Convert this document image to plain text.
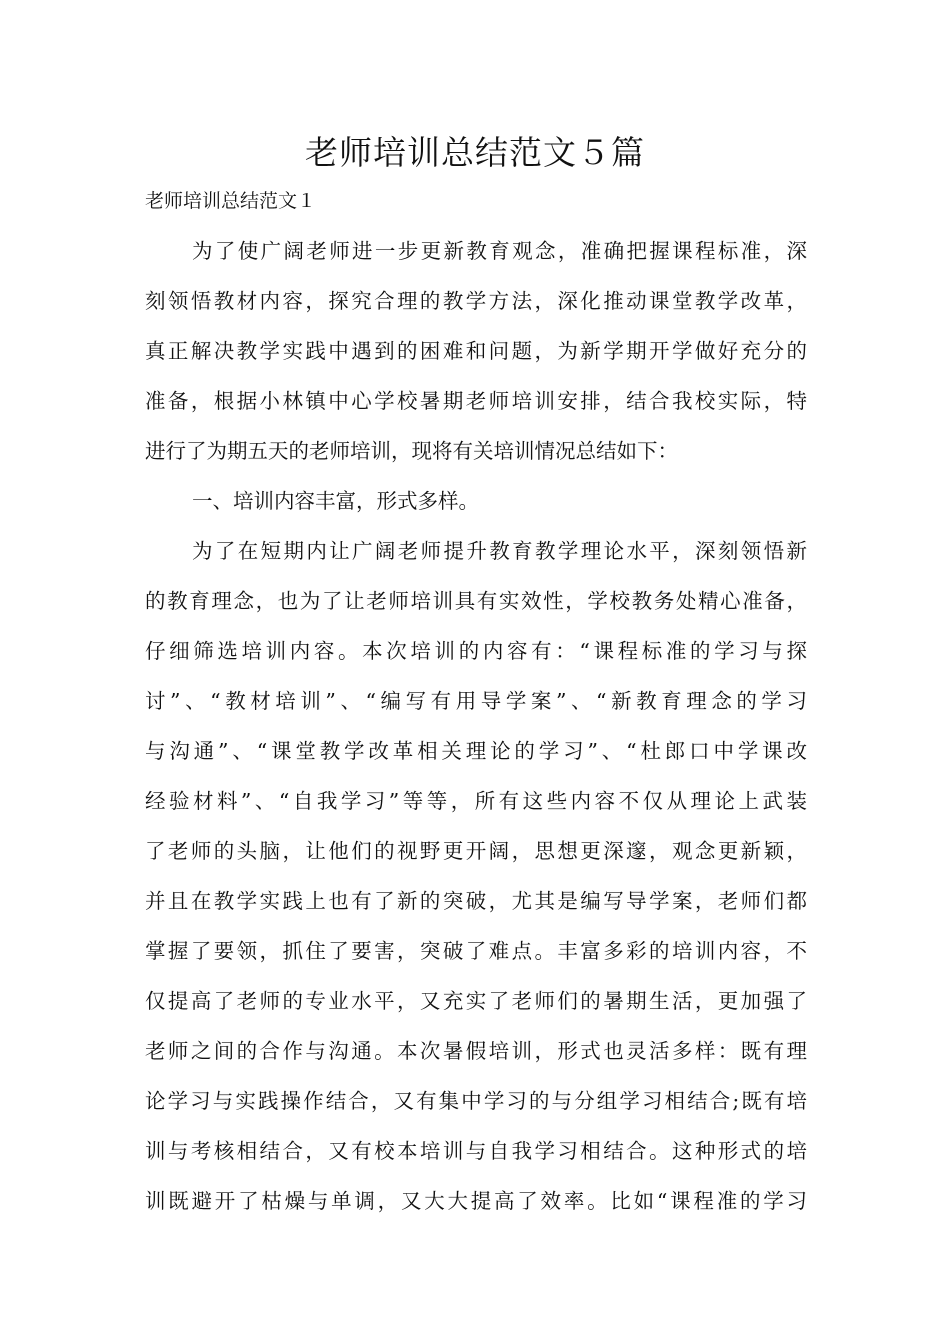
老师培训总结范文５篇

老师培训总结范文１

为了使广阔老师进一步更新教育观念，准确把握课程标准，深

刻领悟教材内容，探究合理的教学方法，深化推动课堂教学改革，

真正解决教学实践中遇到的困难和问题，为新学期开学做好充分的

准备，根据小林镇中心学校暑期老师培训安排，结合我校实际，特

进行了为期五天的老师培训，现将有关培训情况总结如下：

一、培训内容丰富，形式多样。

为了在短期内让广阔老师提升教育教学理论水平，深刻领悟新

的教育理念，也为了让老师培训具有实效性，学校教务处精心准备，

仔细筛选培训内容。本次培训的内容有：“课程标准的学习与探

讨”、“教材培训”、“编写有用导学案”、“新教育理念的学习

与沟通”、“课堂教学改革相关理论的学习”、“杜郎口中学课改

经验材料”、“自我学习”等等，所有这些内容不仅从理论上武装

了老师的头脑，让他们的视野更开阔，思想更深邃，观念更新颖，

并且在教学实践上也有了新的突破，尤其是编写导学案，老师们都

掌握了要领，抓住了要害，突破了难点。丰富多彩的培训内容，不

仅提高了老师的专业水平，又充实了老师们的暑期生活，更加强了

老师之间的合作与沟通。本次暑假培训，形式也灵活多样：既有理

论学习与实践操作结合，又有集中学习的与分组学习相结合;既有培

训与考核相结合，又有校本培训与自我学习相结合。这种形式的培

训既避开了枯燥与单调，又大大提高了效率。比如“课程准的学习
